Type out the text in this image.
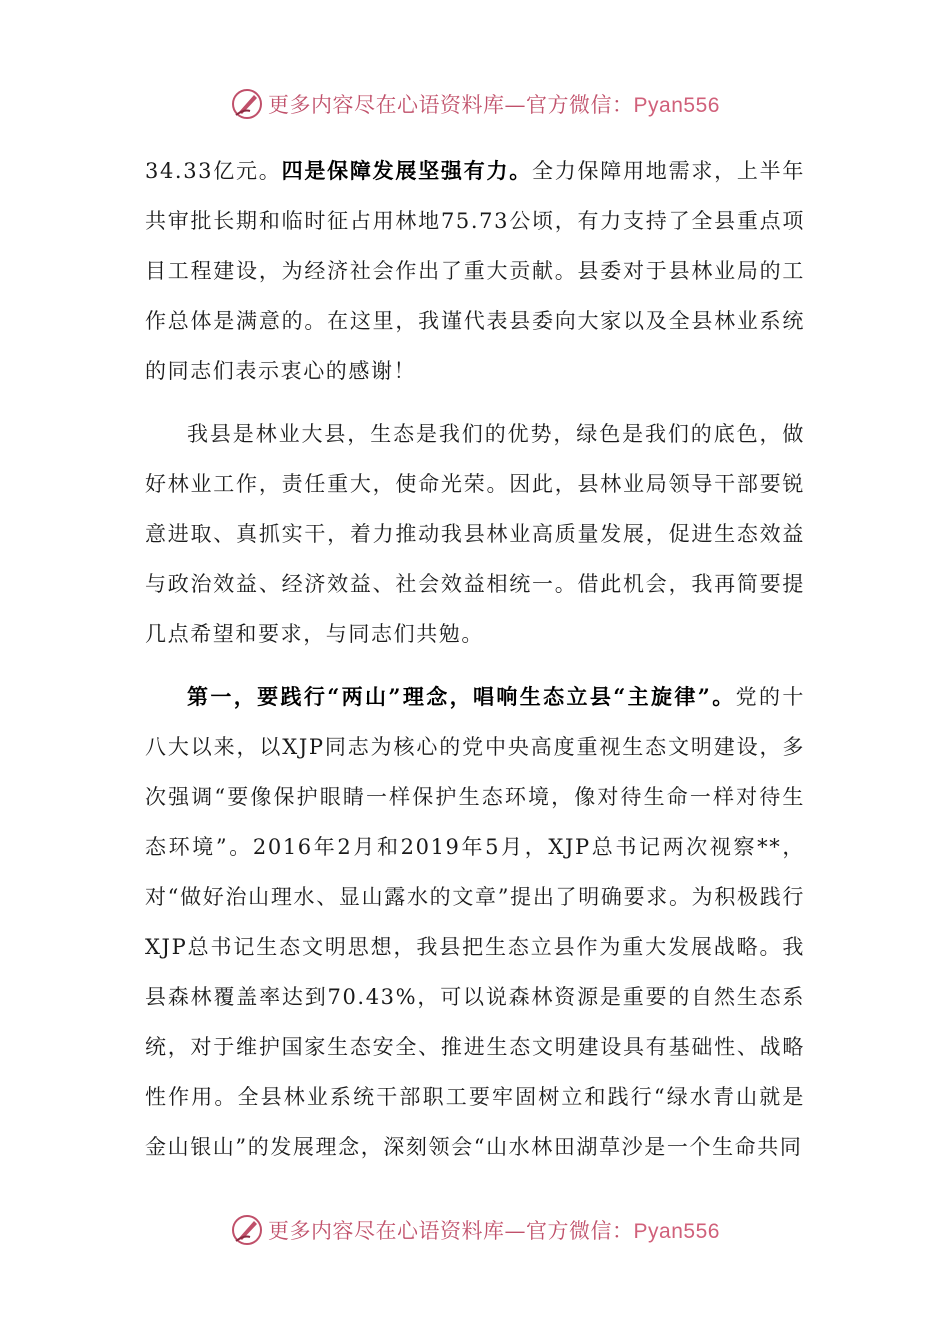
更多内容尽在心语资料库—官方微信：Pyan556

34.33亿元。四是保障发展坚强有力。全力保障用地需求，上半年共审批长期和临时征占用林地75.73公顷，有力支持了全县重点项目工程建设，为经济社会作出了重大贡献。县委对于县林业局的工作总体是满意的。在这里，我谨代表县委向大家以及全县林业系统的同志们表示衷心的感谢！

我县是林业大县，生态是我们的优势，绿色是我们的底色，做好林业工作，责任重大，使命光荣。因此，县林业局领导干部要锐意进取、真抓实干，着力推动我县林业高质量发展，促进生态效益与政治效益、经济效益、社会效益相统一。借此机会，我再简要提几点希望和要求，与同志们共勉。

第一，要践行“两山”理念，唱响生态立县“主旋律”。党的十八大以来，以XJP同志为核心的党中央高度重视生态文明建设，多次强调“要像保护眼睛一样保护生态环境，像对待生命一样对待生态环境”。2016年2月和2019年5月，XJP总书记两次视察**，对“做好治山理水、显山露水的文章”提出了明确要求。为积极践行XJP总书记生态文明思想，我县把生态立县作为重大发展战略。我县森林覆盖率达到70.43%，可以说森林资源是重要的自然生态系统，对于维护国家生态安全、推进生态文明建设具有基础性、战略性作用。全县林业系统干部职工要牢固树立和践行“绿水青山就是金山银山”的发展理念，深刻领会“山水林田湖草沙是一个生命共同

更多内容尽在心语资料库—官方微信：Pyan556
